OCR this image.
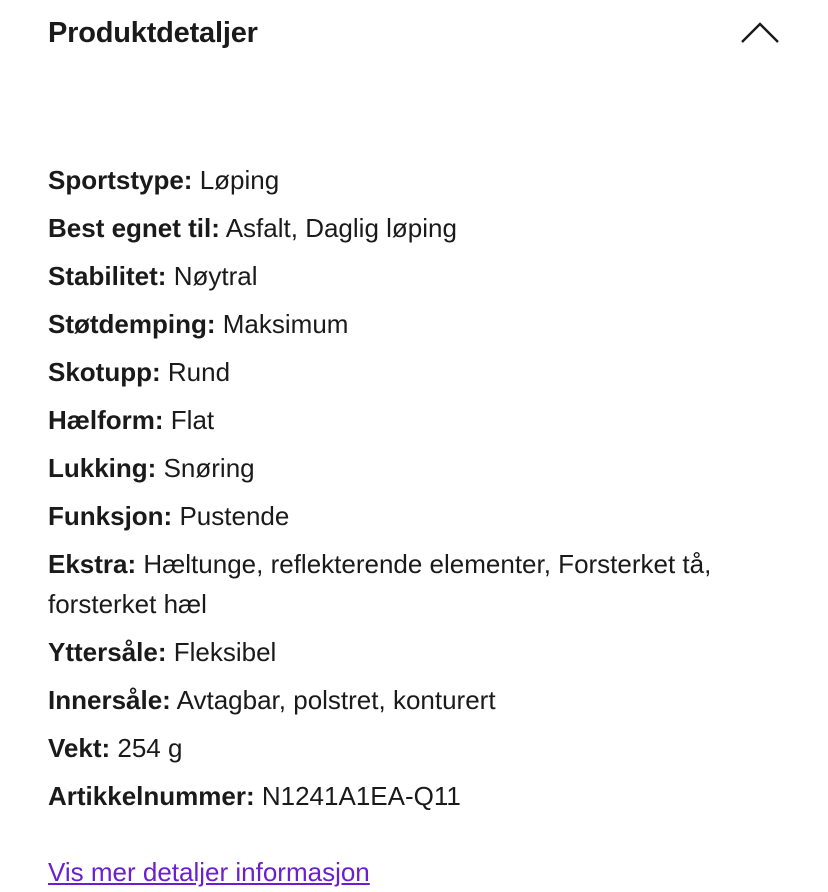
Produktdetaljer
Sportstype: Løping
Best egnet til: Asfalt, Daglig løping
Stabilitet: Nøytral
Støtdemping: Maksimum
Skotupp: Rund
Hælform: Flat
Lukking: Snøring
Funksjon: Pustende
Ekstra: Hæltunge, reflekterende elementer, Forsterket tå, forsterket hæl
Yttersåle: Fleksibel
Innersåle: Avtagbar, polstret, konturert
Vekt: 254 g
Artikkelnummer: N1241A1EA-Q11
Vis mer detaljer informasjon
